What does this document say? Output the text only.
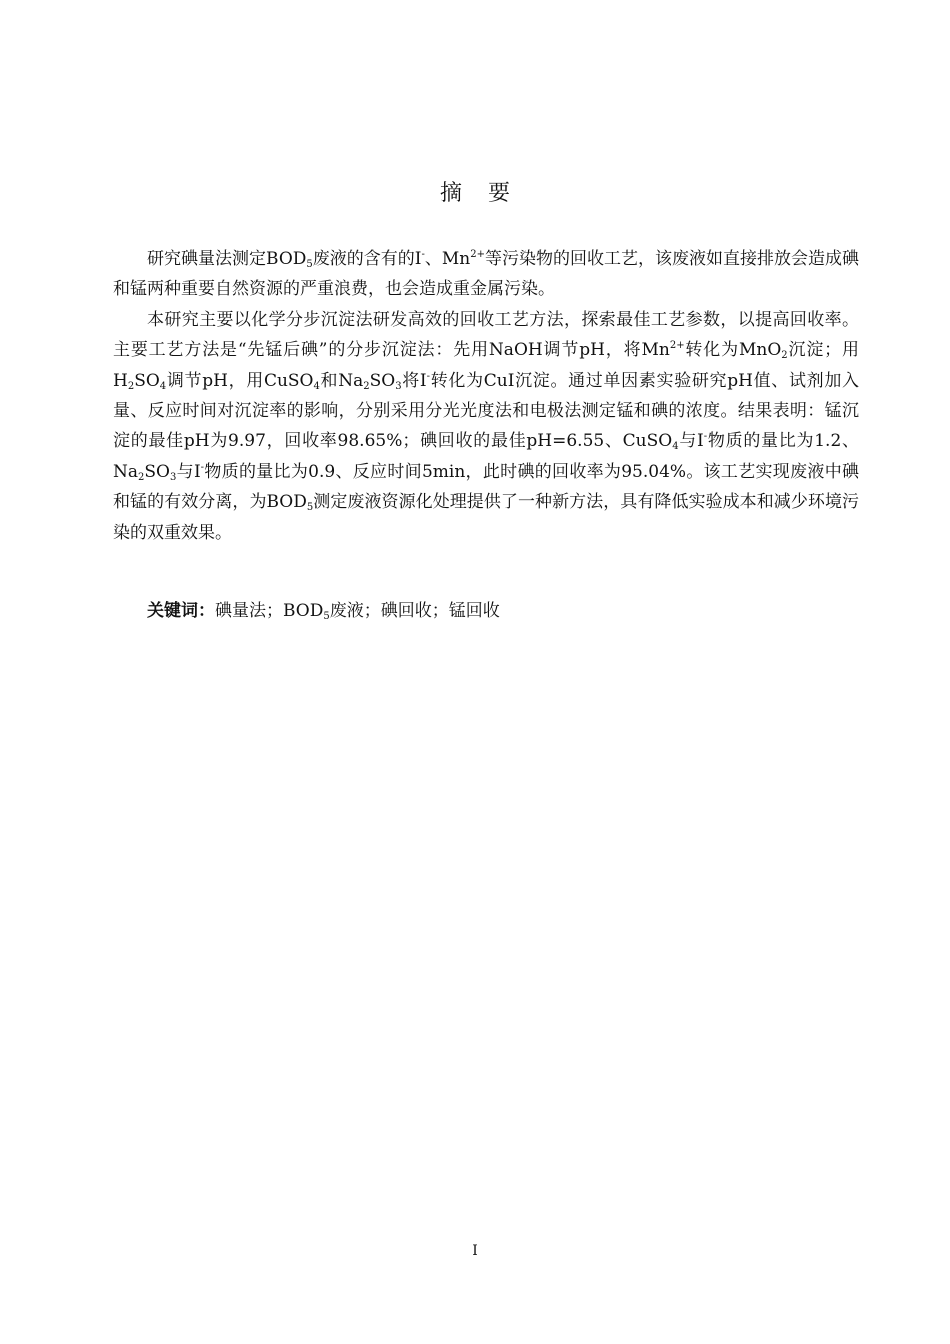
摘要

研究碘量法测定$BOD_5$废液的含有的I-、$Mn^{2+}$等污染物的回收工艺，该废液如直接排放会造成碘和锰两种重要自然资源的严重浪费，也会造成重金属污染。

本研究主要以化学分步沉淀法研发高效的回收工艺方法，探索最佳工艺参数，以提高回收率。主要工艺方法是“先锰后碘”的分步沉淀法：先用NaOH调节pH，将$Mn^{2+}$转化为MnO$_2$沉淀；用$H_2SO_4$调节pH，用CuSO$_4$和$Na_2SO_3$将I-转化为CuI沉淀。通过单因素实验研究pH值、试剂加入量、反应时间对沉淀率的影响，分别采用分光光度法和电极法测定锰和碘的浓度。结果表明：锰沉淀的最佳pH为9.97，回收率98.65%；碘回收的最佳pH=6.55、CuSO$_4$与I-物质的量比为1.2、$Na_2SO_3$与I-物质的量比为0.9、反应时间5min，此时碘的回收率为95.04%。该工艺实现废液中碘和锰的有效分离，为$BOD_5$测定废液资源化处理提供了一种新方法，具有降低实验成本和减少环境污染的双重效果。

关键词：碘量法；$BOD_5$废液；碘回收；锰回收
I
